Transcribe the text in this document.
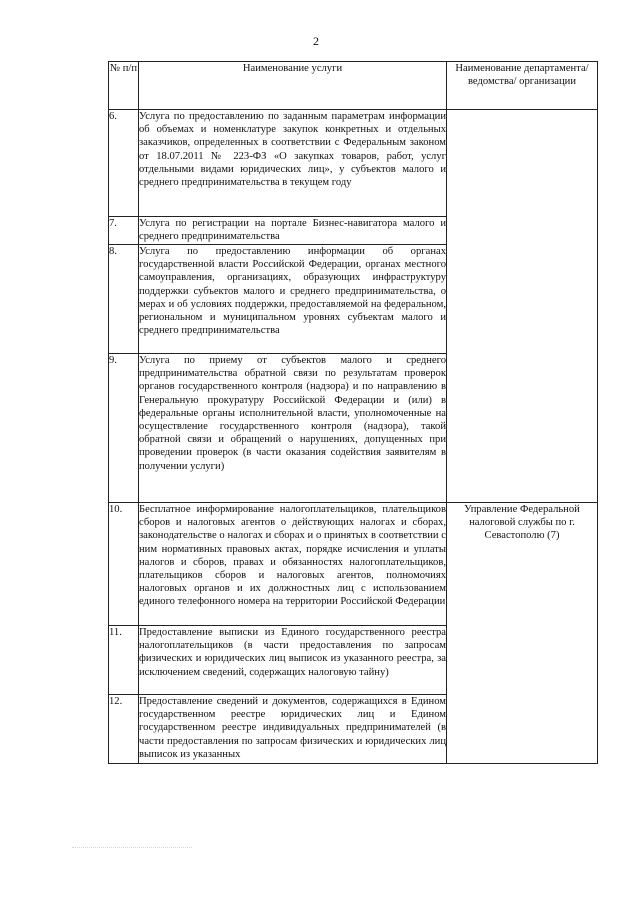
2
№ п/п	Наименование услуги	Наименование департамента/ведомства/ организации
6.	Услуга по предоставлению по заданным параметрам информации об объемах и номенклатуре закупок конкретных и отдельных заказчиков, определенных в соответствии с Федеральным законом от 18.07.2011 № 223-ФЗ «О закупках товаров, работ, услуг отдельными видами юридических лиц», у субъектов малого и среднего предпринимательства в текущем году	

7.	Услуга по регистрации на портале Бизнес-навигатора малого и среднего предпринимательства	

8.	Услуга по предоставлению информации об органах государственной власти Российской Федерации, органах местного самоуправления, организациях, образующих инфраструктуру поддержки субъектов малого и среднего предпринимательства, о мерах и об условиях поддержки, предоставляемой на федеральном, региональном и муниципальном уровнях субъектам малого и среднего предпринимательства	

9.	Услуга по приему от субъектов малого и среднего предпринимательства обратной связи по результатам проверок органов государственного контроля (надзора) и по направлению в Генеральную прокуратуру Российской Федерации и (или) в федеральные органы исполнительной власти, уполномоченные на осуществление государственного контроля (надзора), такой обратной связи и обращений о нарушениях, допущенных при проведении проверок (в части оказания содействия заявителям в получении услуги)	

10.	Бесплатное информирование налогоплательщиков, плательщиков сборов и налоговых агентов о действующих налогах и сборах, законодательстве о налогах и сборах и о принятых в соответствии с ним нормативных правовых актах, порядке исчисления и уплаты налогов и сборов, правах и обязанностях налогоплательщиков, плательщиков сборов и налоговых агентов, полномочиях налоговых органов и их должностных лиц с использованием единого телефонного номера на территории Российской Федерации	Управление Федеральной налоговой службы по г. Севастополю (7)
11.	Предоставление выписки из Единого государственного реестра налогоплательщиков (в части предоставления по запросам физических и юридических лиц выписок из указанного реестра, за исключением сведений, содержащих налоговую тайну)	

12.	Предоставление сведений и документов, содержащихся в Едином государственном реестре юридических лиц и Едином государственном реестре индивидуальных предпринимателей (в части предоставления по запросам физических и юридических лиц выписок из указанных	
